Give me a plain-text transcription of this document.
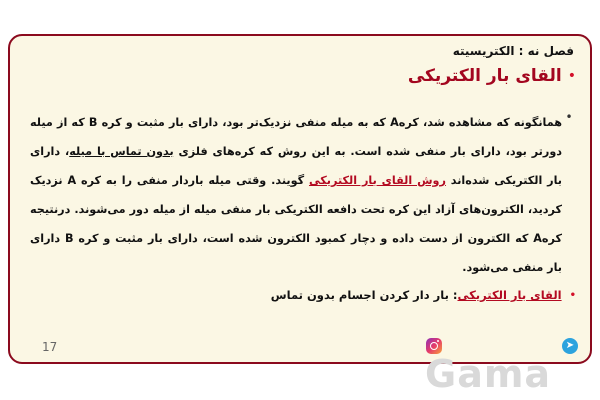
فصل نه : الکتریسیته
•
القای بار الکتریکی
•
همانگونه که مشاهده شد، کرهA که به میله منفی نزدیک‌تر بود، دارای بار مثبت و کره B که از میله دورتر بود، دارای بار منفی شده است. به این روش که کره‌های فلزی بدون تماس با میله، دارای بار الکتریکی شده‌اند روش القای بار الکتریکی گویند. وقتی میله باردار منفی را به کره A نزدیک کردید، الکترون‌های آزاد این کره تحت دافعه الکتریکی بار منفی میله از میله دور می‌شوند. درنتیجه کرهA که الکترون از دست داده و دچار کمبود الکترون شده است، دارای بار مثبت و کره B دارای بار منفی می‌شود.
•
القای بار الکتریکی
: بار دار کردن اجسام بدون تماس
17	➤
Gama
